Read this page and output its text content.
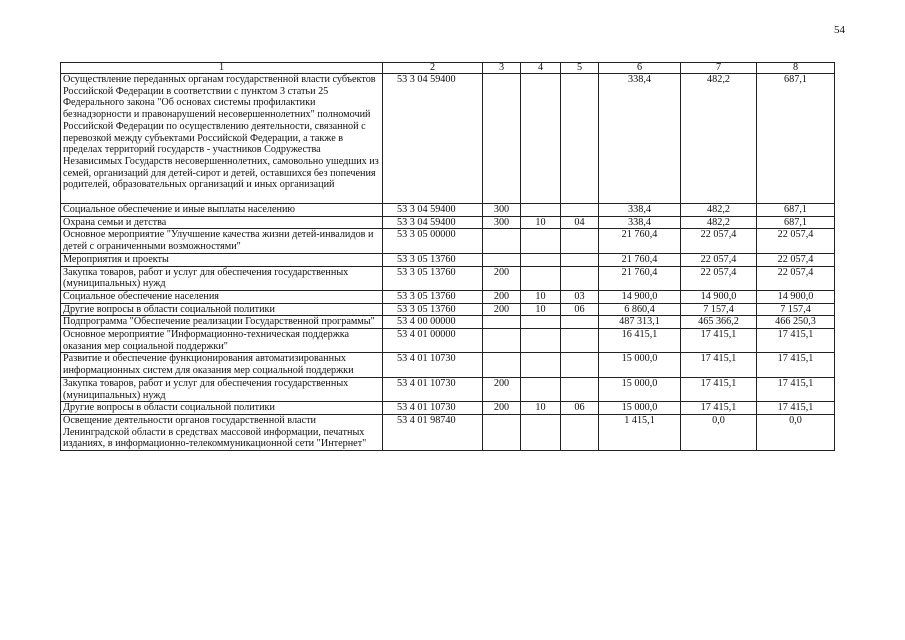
54
1	2	3	4	5	6	7	8
Осуществление переданных органам государственной власти субъектов Российской Федерации в соответствии с пунктом 3 статьи 25 Федерального закона "Об основах системы профилактики безнадзорности и правонарушений несовершеннолетних" полномочий Российской Федерации по осуществлению деятельности, связанной с перевозкой между субъектами Российской Федерации, а также в пределах территорий государств - участников Содружества Независимых Государств несовершеннолетних, самовольно ушедших из семей, организаций для детей-сирот и детей, оставшихся без попечения родителей, образовательных организаций и иных организаций	53 3 04 59400				338,4	482,2	687,1
Социальное обеспечение и иные выплаты населению	53 3 04 59400	300			338,4	482,2	687,1
Охрана семьи и детства	53 3 04 59400	300	10	04	338,4	482,2	687,1
Основное мероприятие "Улучшение качества жизни детей-инвалидов и детей с ограниченными возможностями"	53 3 05 00000				21 760,4	22 057,4	22 057,4
Мероприятия и проекты	53 3 05 13760				21 760,4	22 057,4	22 057,4
Закупка товаров, работ и услуг для обеспечения государственных (муниципальных) нужд	53 3 05 13760	200			21 760,4	22 057,4	22 057,4
Социальное обеспечение населения	53 3 05 13760	200	10	03	14 900,0	14 900,0	14 900,0
Другие вопросы в области социальной политики	53 3 05 13760	200	10	06	6 860,4	7 157,4	7 157,4
Подпрограмма "Обеспечение реализации Государственной программы"	53 4 00 00000				487 313,1	465 366,2	466 250,3
Основное мероприятие "Информационно-техническая поддержка оказания мер социальной поддержки"	53 4 01 00000				16 415,1	17 415,1	17 415,1
Развитие и обеспечение функционирования автоматизированных информационных систем для оказания мер социальной поддержки	53 4 01 10730				15 000,0	17 415,1	17 415,1
Закупка товаров, работ и услуг для обеспечения государственных (муниципальных) нужд	53 4 01 10730	200			15 000,0	17 415,1	17 415,1
Другие вопросы в области социальной политики	53 4 01 10730	200	10	06	15 000,0	17 415,1	17 415,1
Освещение деятельности органов государственной власти Ленинградской области в средствах массовой информации, печатных изданиях, в информационно-телекоммуникационной сети "Интернет"	53 4 01 98740				1 415,1	0,0	0,0
